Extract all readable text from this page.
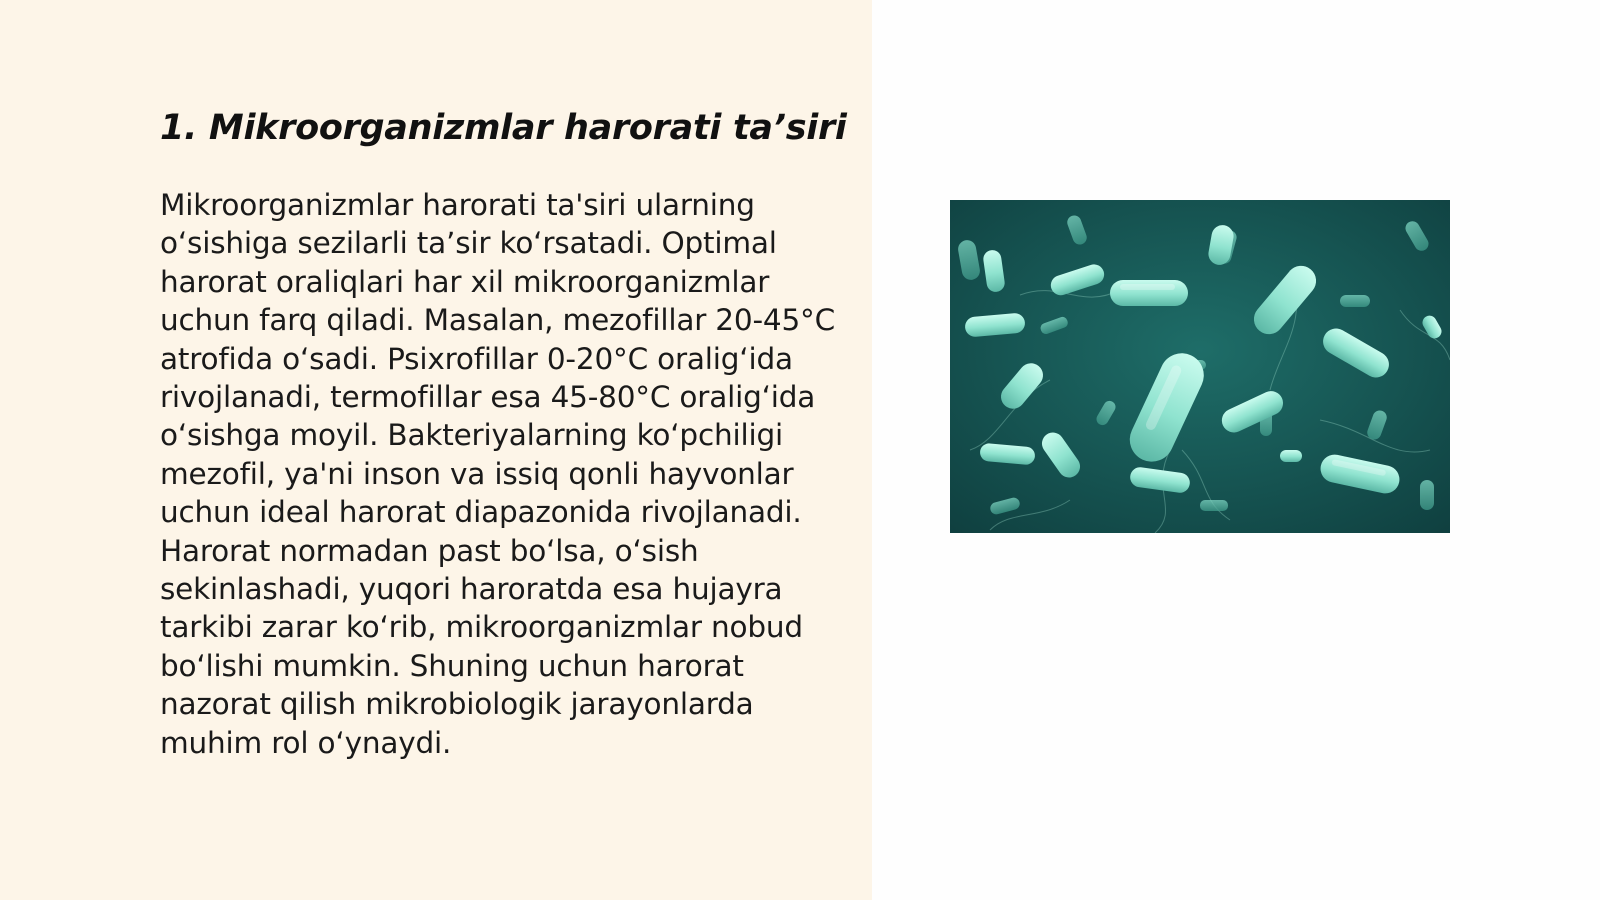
1. Mikroorganizmlar harorati ta’siri

Mikroorganizmlar harorati ta'siri ularning o‘sishiga sezilarli ta’sir ko‘rsatadi. Optimal harorat oraliqlari har xil mikroorganizmlar uchun farq qiladi. Masalan, mezofillar 20-45°C atrofida o‘sadi. Psixrofillar 0-20°C oralig‘ida rivojlanadi, termofillar esa 45-80°C oralig‘ida o‘sishga moyil. Bakteriyalarning ko‘pchiligi mezofil, ya'ni inson va issiq qonli hayvonlar uchun ideal harorat diapazonida rivojlanadi. Harorat normadan past bo‘lsa, o‘sish sekinlashadi, yuqori haroratda esa hujayra tarkibi zarar ko‘rib, mikroorganizmlar nobud bo‘lishi mumkin. Shuning uchun harorat nazorat qilish mikrobiologik jarayonlarda muhim rol o‘ynaydi.
